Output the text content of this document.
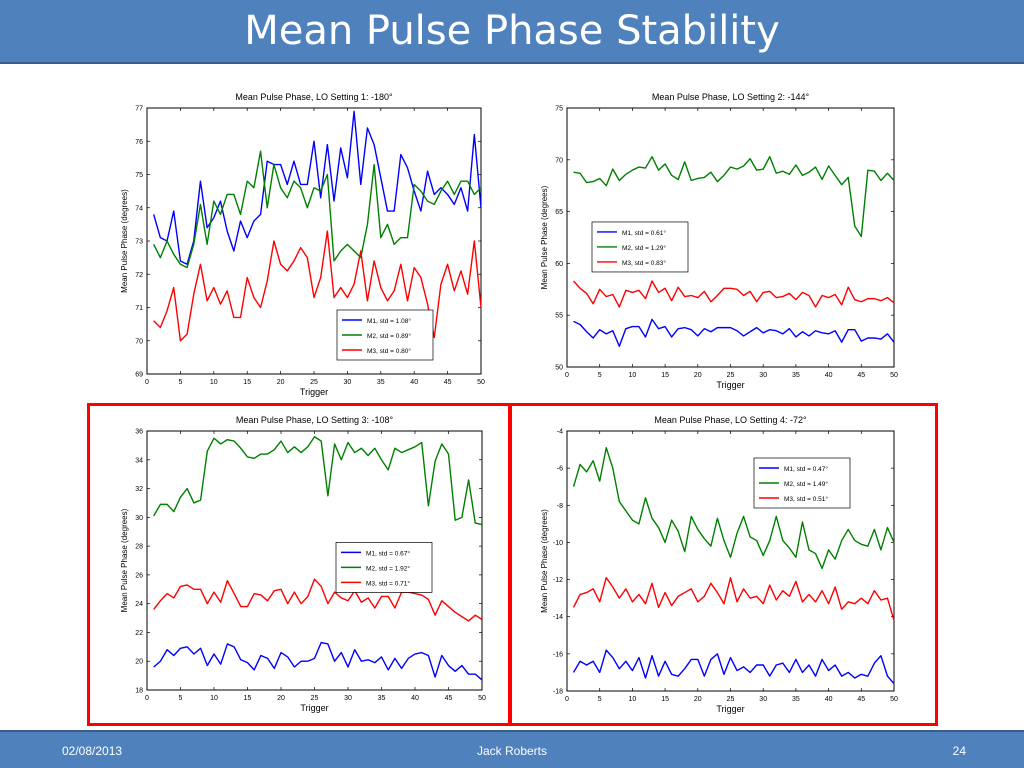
Mean Pulse Phase Stability
Mean Pulse Phase, LO Setting 1: -180°
Trigger
Mean Pulse Phase (degrees)
0	5	10	15	20	25	30	35	40	45	50
69
70
71
72
73
74
75
76
77
M1, std = 1.08°
M2, std = 0.89°
M3, std = 0.80°
Mean Pulse Phase, LO Setting 2: -144°
Trigger
Mean Pulse Phase (degrees)
0	5	10	15	20	25	30	35	40	45	50
50
55
60
65
70
75
M1, std = 0.61°
M2, std = 1.29°
M3, std = 0.83°
Mean Pulse Phase, LO Setting 3: -108°
Trigger
Mean Pulse Phase (degrees)
0	5	10	15	20	25	30	35	40	45	50
18
20
22
24
26
28
30
32
34
36
M1, std = 0.67°
M2, std = 1.92°
M3, std = 0.71°
Mean Pulse Phase, LO Setting 4: -72°
Trigger
Mean Pulse Phase (degrees)
0	5	10	15	20	25	30	35	40	45	50
-18
-16
-14
-12
-10
-8
-6
-4
M1, std = 0.47°
M2, std = 1.49°
M3, std = 0.51°
02/08/2013	Jack Roberts	24
